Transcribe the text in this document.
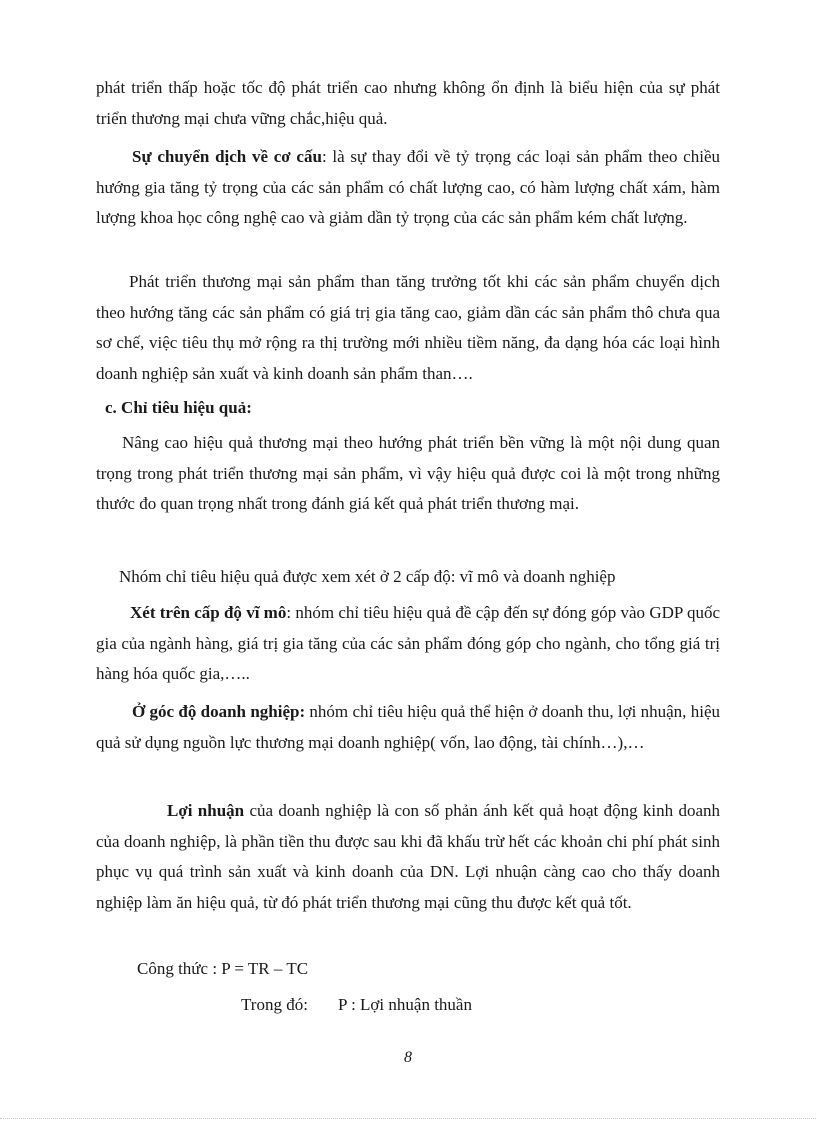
phát triển thấp hoặc tốc độ phát triển cao nhưng không ổn định là biểu hiện của sự phát triển thương mại chưa vững chắc,hiệu quả.

Sự chuyển dịch về cơ cấu: là sự thay đổi về tỷ trọng các loại sản phẩm theo chiều hướng gia tăng tỷ trọng của các sản phẩm có chất lượng cao, có hàm lượng chất xám, hàm lượng khoa học công nghệ cao và giảm dần tỷ trọng của các sản phẩm kém chất lượng.

Phát triển thương mại sản phẩm than tăng trưởng tốt khi các sản phẩm chuyển dịch theo hướng tăng các sản phẩm có giá trị gia tăng cao, giảm dần các sản phẩm thô chưa qua sơ chế, việc tiêu thụ mở rộng ra thị trường mới nhiều tiềm năng, đa dạng hóa các loại hình doanh nghiệp sản xuất và kinh doanh sản phẩm than….

c. Chỉ tiêu hiệu quả:

Nâng cao hiệu quả thương mại theo hướng phát triển bền vững là một nội dung quan trọng trong phát triển thương mại sản phẩm, vì vậy hiệu quả được coi là một trong những thước đo quan trọng nhất trong đánh giá kết quả phát triển thương mại.

Nhóm chỉ tiêu hiệu quả được xem xét ở 2 cấp độ: vĩ mô và doanh nghiệp

Xét trên cấp độ vĩ mô: nhóm chỉ tiêu hiệu quả đề cập đến sự đóng góp vào GDP quốc gia của ngành hàng, giá trị gia tăng của các sản phẩm đóng góp cho ngành, cho tổng giá trị hàng hóa quốc gia,…..

Ở góc độ doanh nghiệp: nhóm chỉ tiêu hiệu quả thể hiện ở doanh thu, lợi nhuận, hiệu quả sử dụng nguồn lực thương mại doanh nghiệp( vốn, lao động, tài chính…),…

Lợi nhuận của doanh nghiệp là con số phản ánh kết quả hoạt động kinh doanh của doanh nghiệp, là phần tiền thu được sau khi đã khấu trừ hết các khoản chi phí phát sinh phục vụ quá trình sản xuất và kinh doanh của DN. Lợi nhuận càng cao cho thấy doanh nghiệp làm ăn hiệu quả, từ đó phát triển thương mại cũng thu được kết quả tốt.

Công thức : P = TR – TC

Trong đó: P : Lợi nhuận thuần

8
